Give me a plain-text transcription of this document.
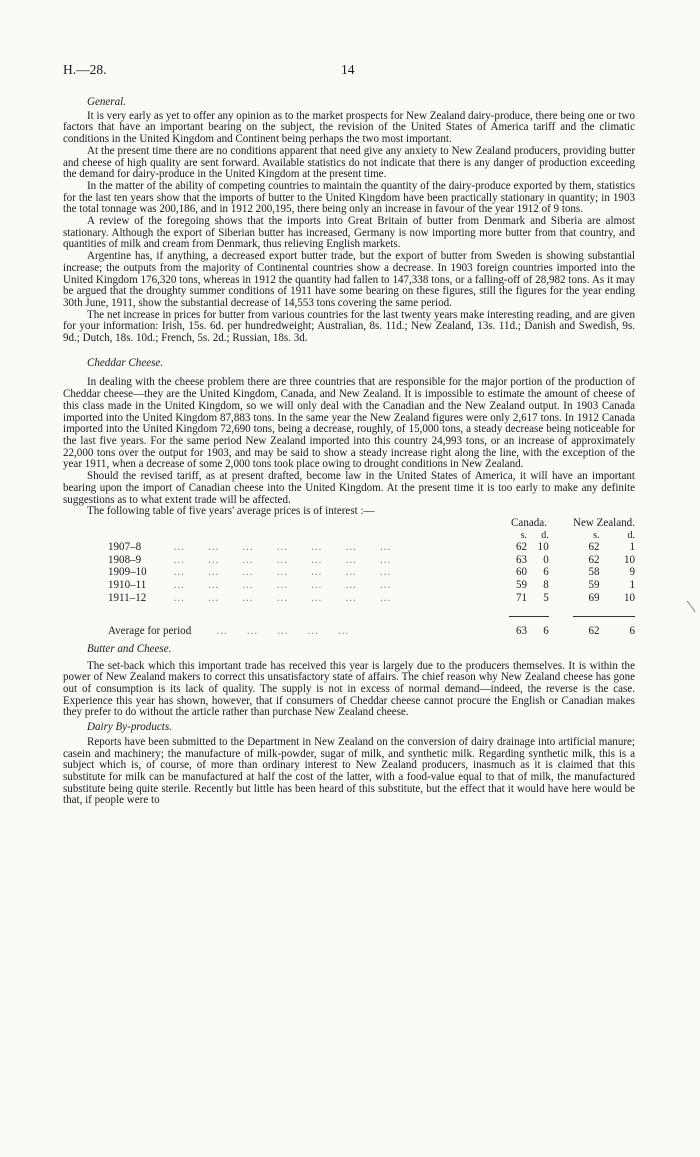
H.—28.	14

General.

It is very early as yet to offer any opinion as to the market prospects for New Zealand dairy-produce, there being one or two factors that have an important bearing on the subject, the revision of the United States of America tariff and the climatic conditions in the United Kingdom and Continent being perhaps the two most important.

At the present time there are no conditions apparent that need give any anxiety to New Zealand producers, providing butter and cheese of high quality are sent forward. Available statistics do not indicate that there is any danger of production exceeding the demand for dairy-produce in the United Kingdom at the present time.

In the matter of the ability of competing countries to maintain the quantity of the dairy-produce exported by them, statistics for the last ten years show that the imports of butter to the United Kingdom have been practically stationary in quantity; in 1903 the total tonnage was 200,186, and in 1912 200,195, there being only an increase in favour of the year 1912 of 9 tons.

A review of the foregoing shows that the imports into Great Britain of butter from Denmark and Siberia are almost stationary. Although the export of Siberian butter has increased, Germany is now importing more butter from that country, and quantities of milk and cream from Denmark, thus relieving English markets.

Argentine has, if anything, a decreased export butter trade, but the export of butter from Sweden is showing substantial increase; the outputs from the majority of Continental countries show a decrease. In 1903 foreign countries imported into the United Kingdom 176,320 tons, whereas in 1912 the quantity had fallen to 147,338 tons, or a falling-off of 28,982 tons. As it may be argued that the droughty summer conditions of 1911 have some bearing on these figures, still the figures for the year ending 30th June, 1911, show the substantial decrease of 14,553 tons covering the same period.

The net increase in prices for butter from various countries for the last twenty years make interesting reading, and are given for your information: Irish, 15s. 6d. per hundredweight; Australian, 8s. 11d.; New Zealand, 13s. 11d.; Danish and Swedish, 9s. 9d.; Dutch, 18s. 10d.; French, 5s. 2d.; Russian, 18s. 3d.

Cheddar Cheese.

In dealing with the cheese problem there are three countries that are responsible for the major portion of the production of Cheddar cheese—they are the United Kingdom, Canada, and New Zealand. It is impossible to estimate the amount of cheese of this class made in the United Kingdom, so we will only deal with the Canadian and the New Zealand output. In 1903 Canada imported into the United Kingdom 87,883 tons. In the same year the New Zealand figures were only 2,617 tons. In 1912 Canada imported into the United Kingdom 72,690 tons, being a decrease, roughly, of 15,000 tons, a steady decrease being noticeable for the last five years. For the same period New Zealand imported into this country 24,993 tons, or an increase of approximately 22,000 tons over the output for 1903, and may be said to show a steady increase right along the line, with the exception of the year 1911, when a decrease of some 2,000 tons took place owing to drought conditions in New Zealand.

Should the revised tariff, as at present drafted, become law in the United States of America, it will have an important bearing upon the import of Canadian cheese into the United Kingdom. At the present time it is too early to make any definite suggestions as to what extent trade will be affected.

The following table of five years' average prices is of interest :—

		Canada.			New Zealand.	
		s.	d.		s.	d.
1907–8	…       …       …       …       …       …       …	62	10		62	1
1908–9	…       …       …       …       …       …       …	63	0		62	10
1909–10	…       …       …       …       …       …       …	60	6		58	9
1910–11	…       …       …       …       …       …       …	59	8		59	1
1911–12	…       …       …       …       …       …       …	71	5		69	10

Average for period         …       …       …       …       …		63	6		62	6

Butter and Cheese.

The set-back which this important trade has received this year is largely due to the producers themselves. It is within the power of New Zealand makers to correct this unsatisfactory state of affairs. The chief reason why New Zealand cheese has gone out of consumption is its lack of quality. The supply is not in excess of normal demand—indeed, the reverse is the case. Experience this year has shown, however, that if consumers of Cheddar cheese cannot procure the English or Canadian makes they prefer to do without the article rather than purchase New Zealand cheese.

Dairy By-products.

Reports have been submitted to the Department in New Zealand on the conversion of dairy drainage into artificial manure; casein and machinery; the manufacture of milk-powder, sugar of milk, and synthetic milk. Regarding synthetic milk, this is a subject which is, of course, of more than ordinary interest to New Zealand producers, inasmuch as it is claimed that this substitute for milk can be manufactured at half the cost of the latter, with a food-value equal to that of milk, the manufactured substitute being quite sterile. Recently but little has been heard of this substitute, but the effect that it would have here would be that, if people were to
